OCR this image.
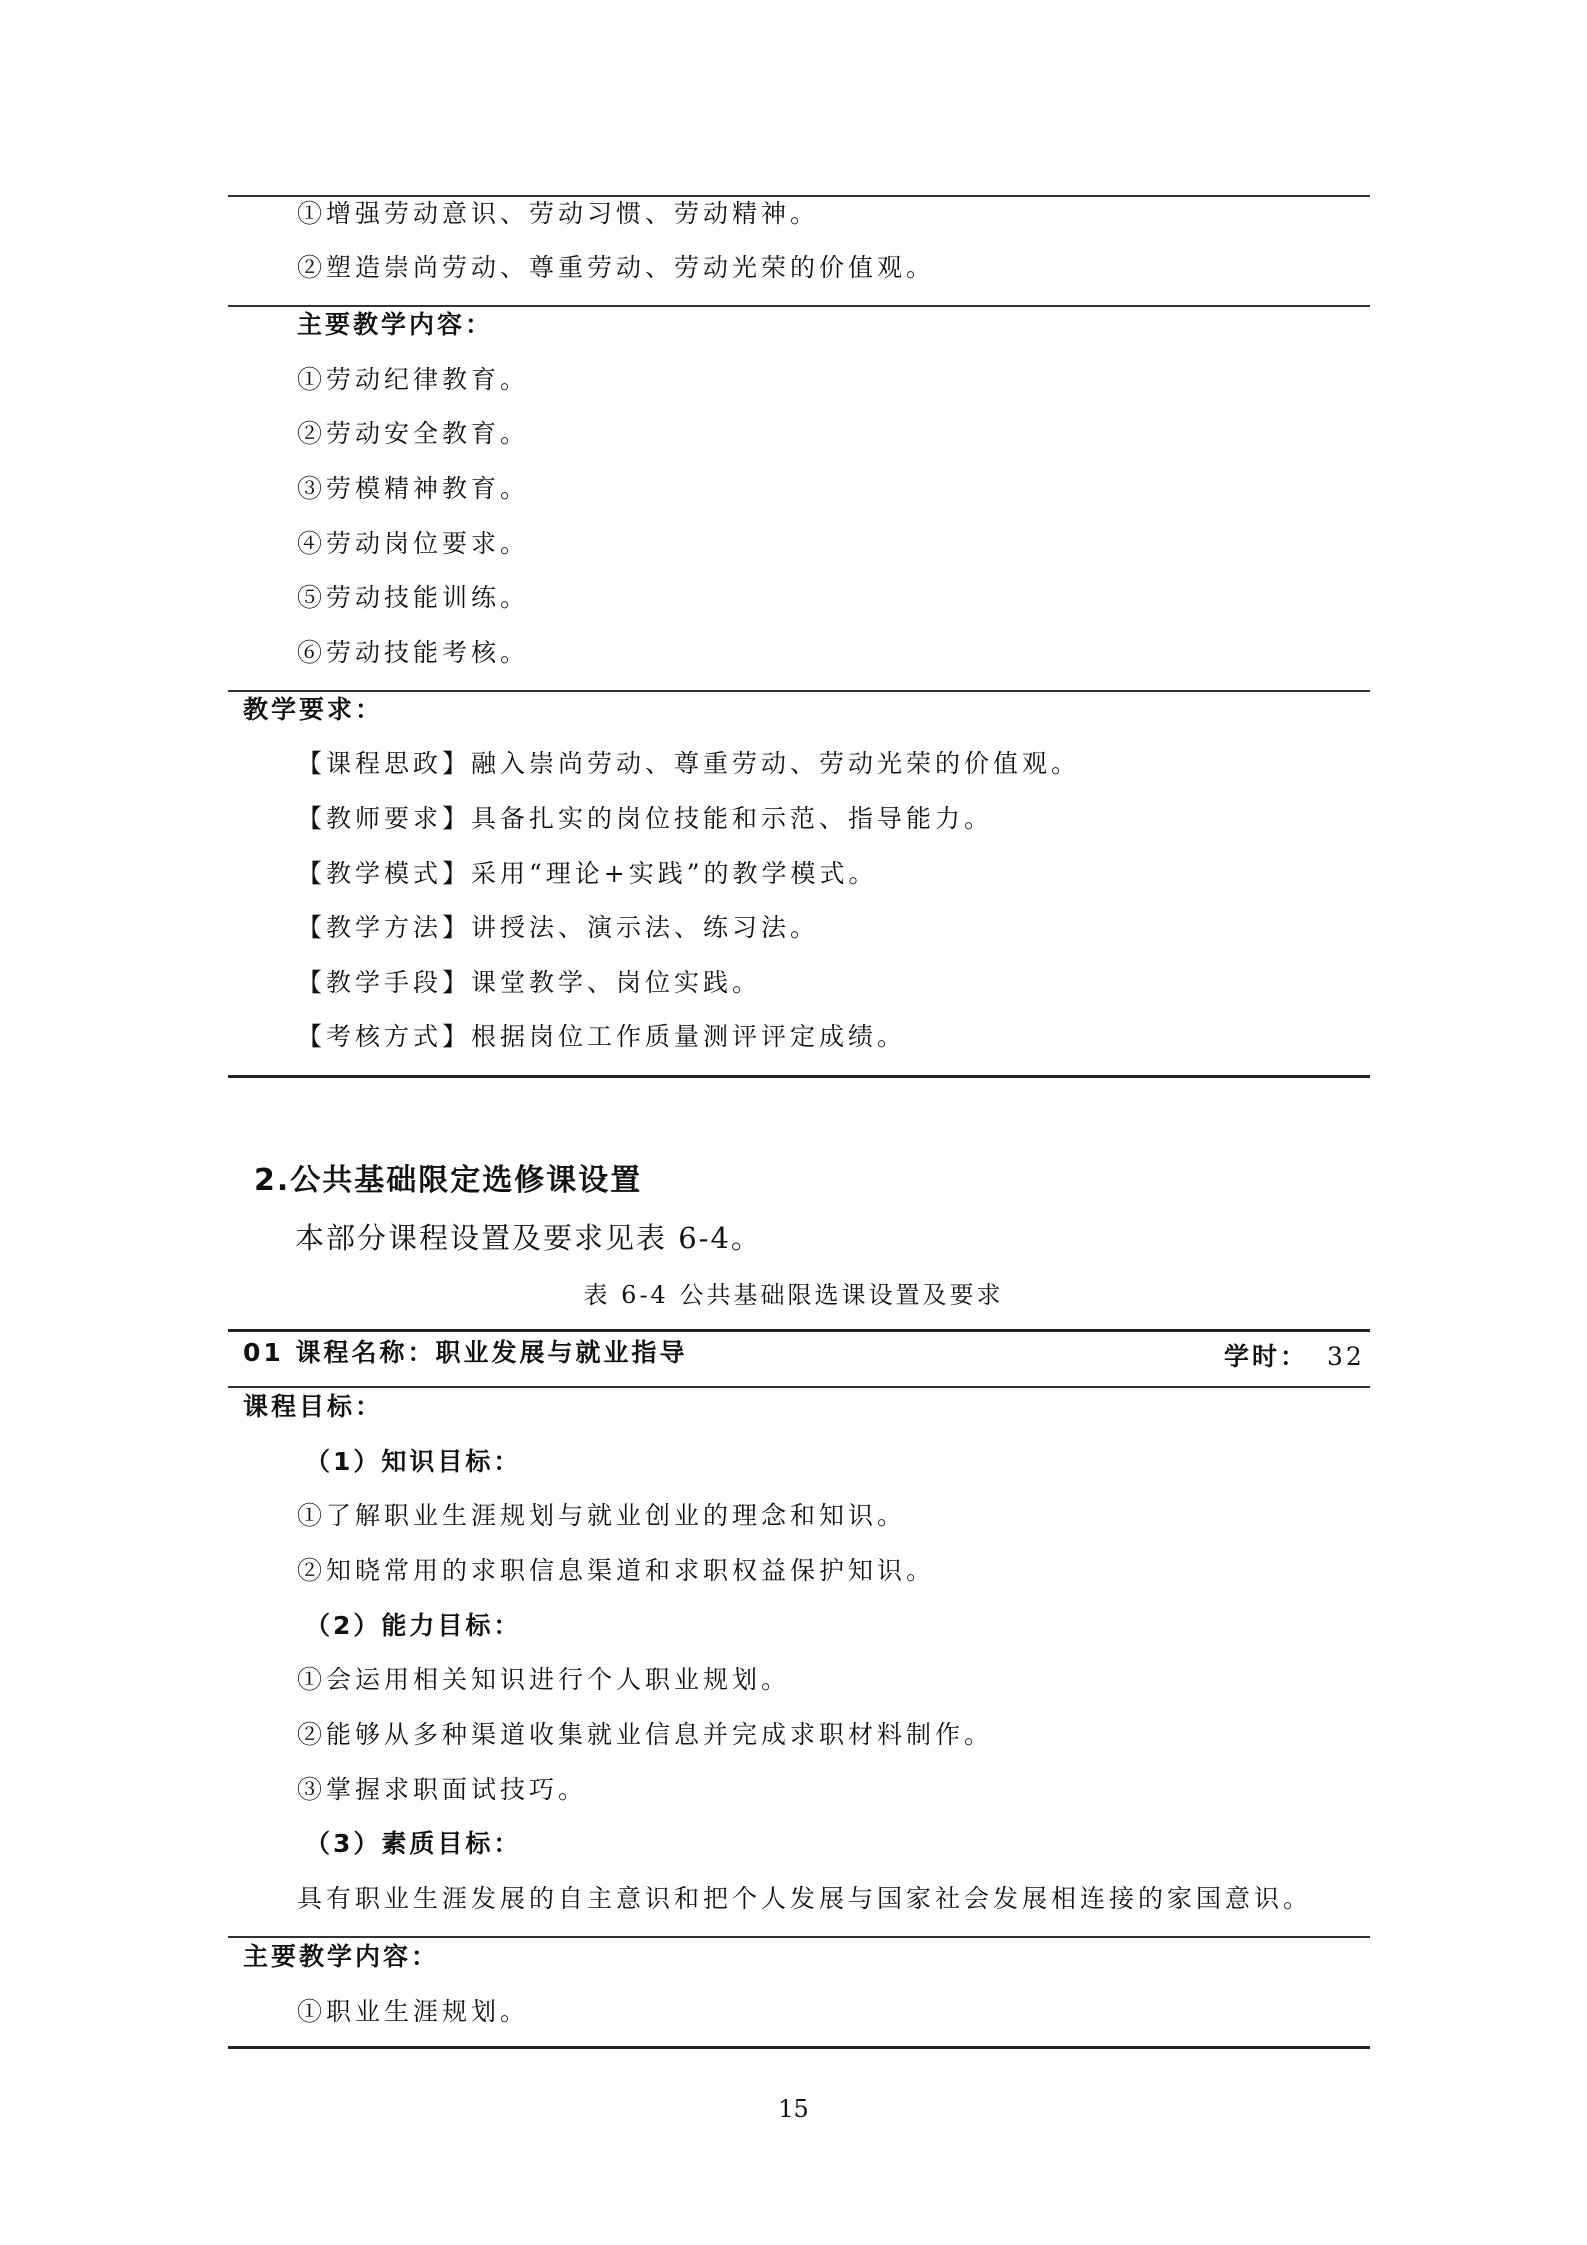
①增强劳动意识、劳动习惯、劳动精神。
②塑造崇尚劳动、尊重劳动、劳动光荣的价值观。
主要教学内容：
①劳动纪律教育。
②劳动安全教育。
③劳模精神教育。
④劳动岗位要求。
⑤劳动技能训练。
⑥劳动技能考核。
教学要求：
【课程思政】融入崇尚劳动、尊重劳动、劳动光荣的价值观。
【教师要求】具备扎实的岗位技能和示范、指导能力。
【教学模式】采用“理论+实践”的教学模式。
【教学方法】讲授法、演示法、练习法。
【教学手段】课堂教学、岗位实践。
【考核方式】根据岗位工作质量测评评定成绩。
2.公共基础限定选修课设置
本部分课程设置及要求见表 6-4。
表 6-4 公共基础限选课设置及要求
01 课程名称：职业发展与就业指导	学时： 32
课程目标：
（1）知识目标：
①了解职业生涯规划与就业创业的理念和知识。
②知晓常用的求职信息渠道和求职权益保护知识。
（2）能力目标：
①会运用相关知识进行个人职业规划。
②能够从多种渠道收集就业信息并完成求职材料制作。
③掌握求职面试技巧。
（3）素质目标：
具有职业生涯发展的自主意识和把个人发展与国家社会发展相连接的家国意识。
主要教学内容：
①职业生涯规划。
15
